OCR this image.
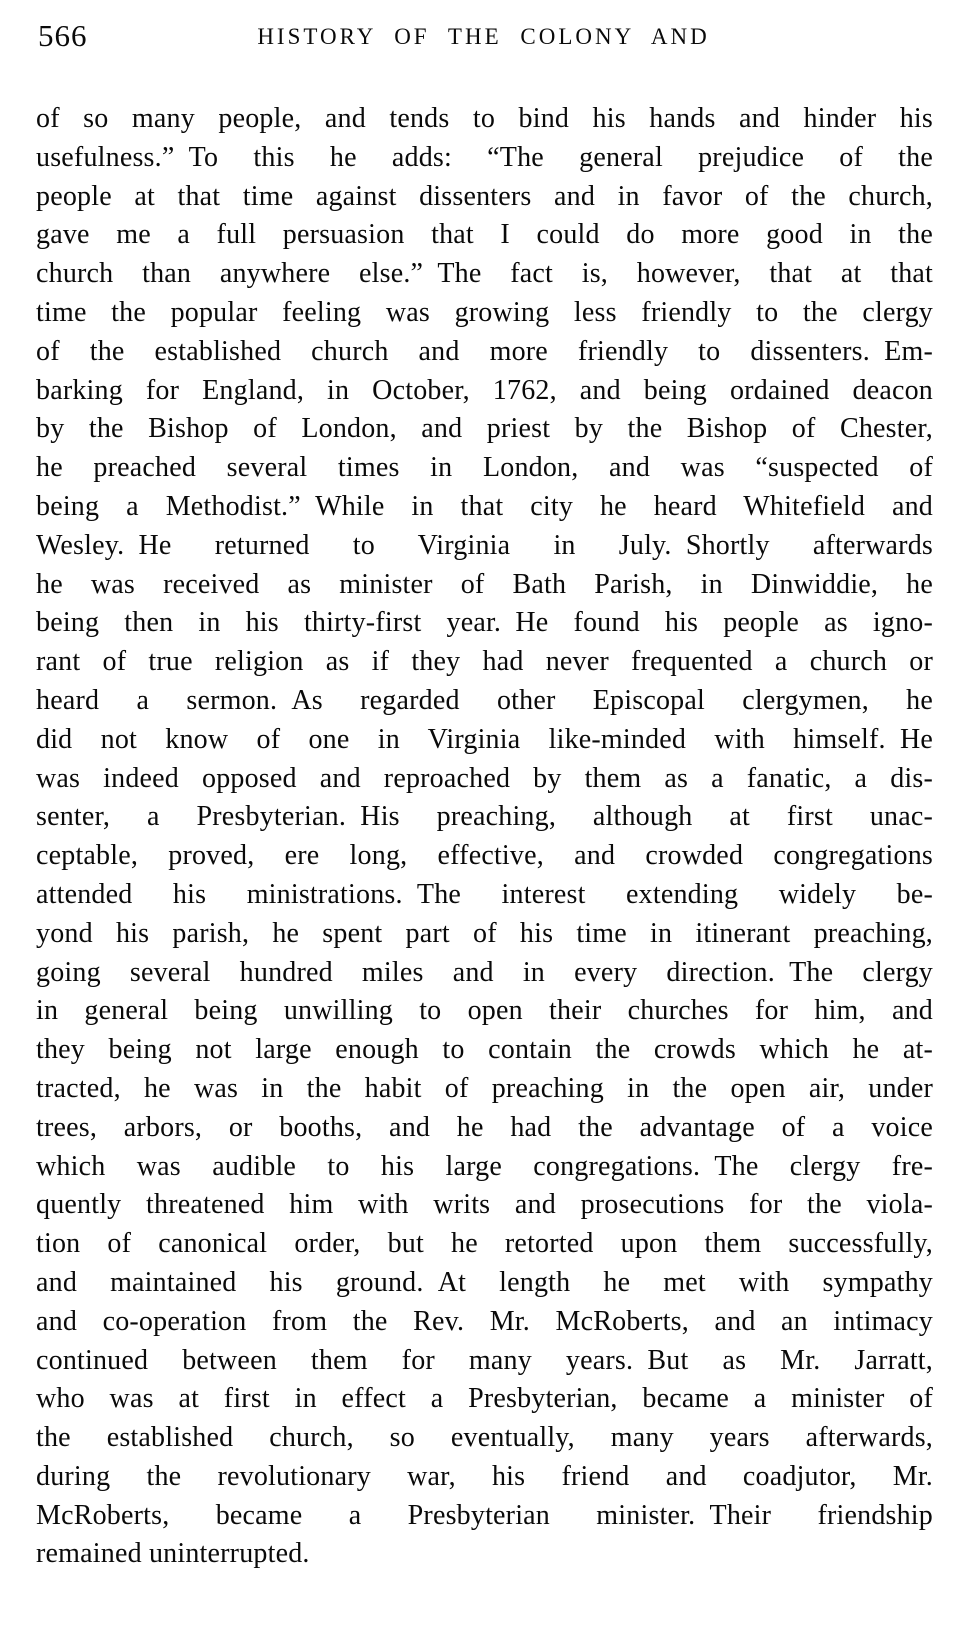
566	HISTORY OF THE COLONY AND
of so many people, and tends to bind his hands and hinder his
usefulness.” To this he adds: “The general prejudice of the
people at that time against dissenters and in favor of the church,
gave me a full persuasion that I could do more good in the
church than anywhere else.” The fact is, however, that at that
time the popular feeling was growing less friendly to the clergy
of the established church and more friendly to dissenters. Em-
barking for England, in October, 1762, and being ordained deacon
by the Bishop of London, and priest by the Bishop of Chester,
he preached several times in London, and was “suspected of
being a Methodist.” While in that city he heard Whitefield and
Wesley. He returned to Virginia in July. Shortly afterwards
he was received as minister of Bath Parish, in Dinwiddie, he
being then in his thirty-first year. He found his people as igno-
rant of true religion as if they had never frequented a church or
heard a sermon. As regarded other Episcopal clergymen, he
did not know of one in Virginia like-minded with himself. He
was indeed opposed and reproached by them as a fanatic, a dis-
senter, a Presbyterian. His preaching, although at first unac-
ceptable, proved, ere long, effective, and crowded congregations
attended his ministrations. The interest extending widely be-
yond his parish, he spent part of his time in itinerant preaching,
going several hundred miles and in every direction. The clergy
in general being unwilling to open their churches for him, and
they being not large enough to contain the crowds which he at-
tracted, he was in the habit of preaching in the open air, under
trees, arbors, or booths, and he had the advantage of a voice
which was audible to his large congregations. The clergy fre-
quently threatened him with writs and prosecutions for the viola-
tion of canonical order, but he retorted upon them successfully,
and maintained his ground. At length he met with sympathy
and co-operation from the Rev. Mr. McRoberts, and an intimacy
continued between them for many years. But as Mr. Jarratt,
who was at first in effect a Presbyterian, became a minister of
the established church, so eventually, many years afterwards,
during the revolutionary war, his friend and coadjutor, Mr.
McRoberts, became a Presbyterian minister. Their friendship
remained uninterrupted.
